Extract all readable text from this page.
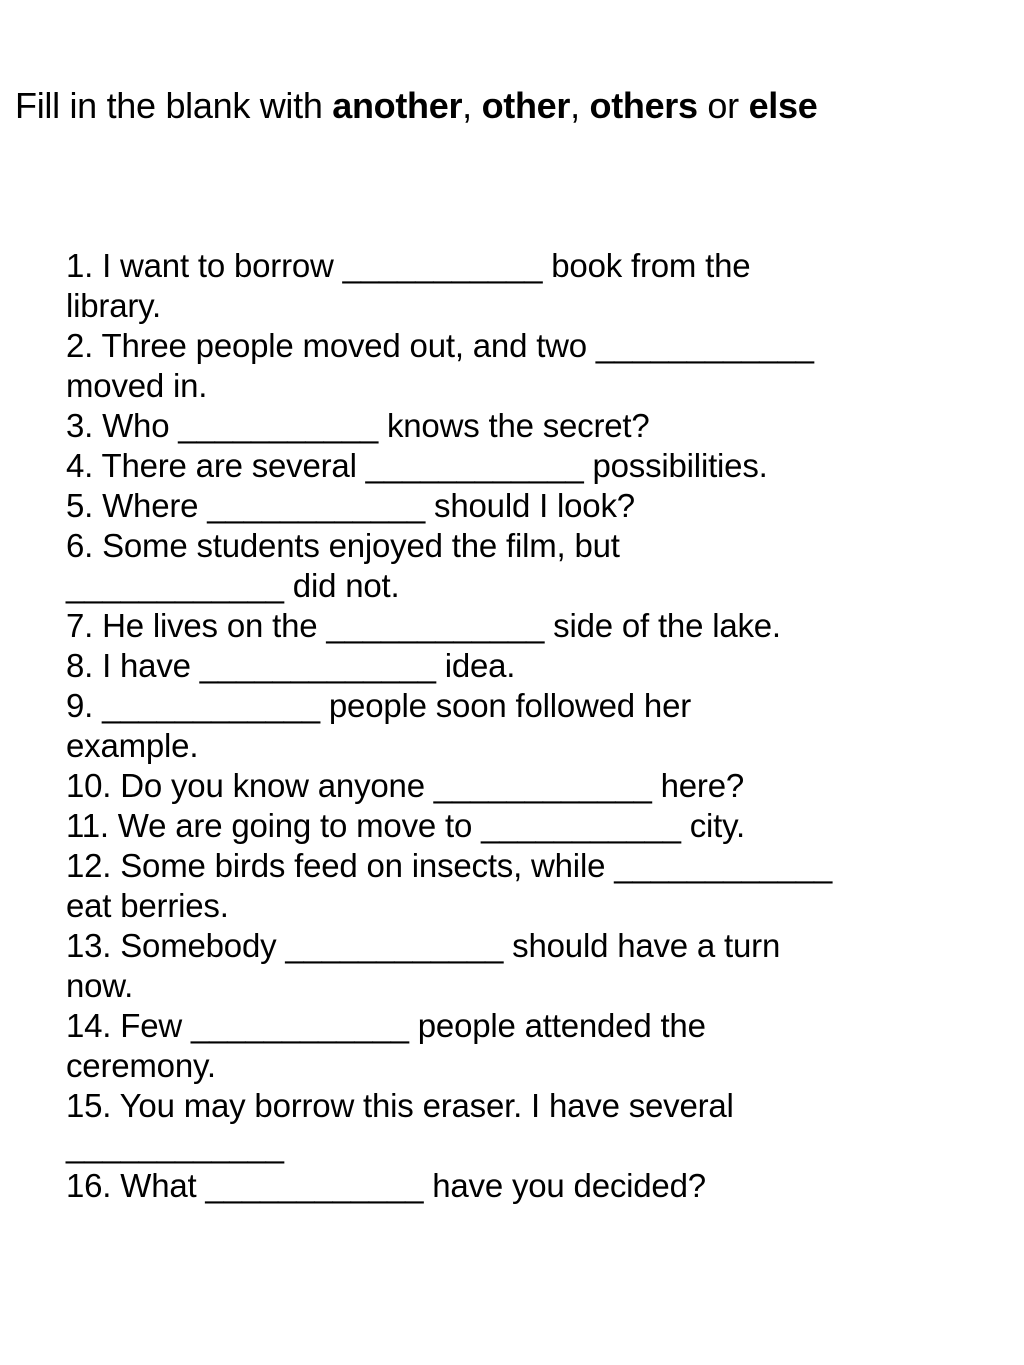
Fill in the blank with another, other, others or else
1. I want to borrow ___________ book from the
library.
2. Three people moved out, and two ____________
moved in.
3. Who ___________ knows the secret?
4. There are several ____________ possibilities.
5. Where ____________ should I look?
6. Some students enjoyed the film, but
____________ did not.
7. He lives on the ____________ side of the lake.
8. I have _____________ idea.
9. ____________ people soon followed her
example.
10. Do you know anyone ____________ here?
11. We are going to move to ___________ city.
12. Some birds feed on insects, while ____________
eat berries.
13. Somebody ____________ should have a turn
now.
14. Few ____________ people attended the
ceremony.
15. You may borrow this eraser. I have several
____________
16. What ____________ have you decided?
